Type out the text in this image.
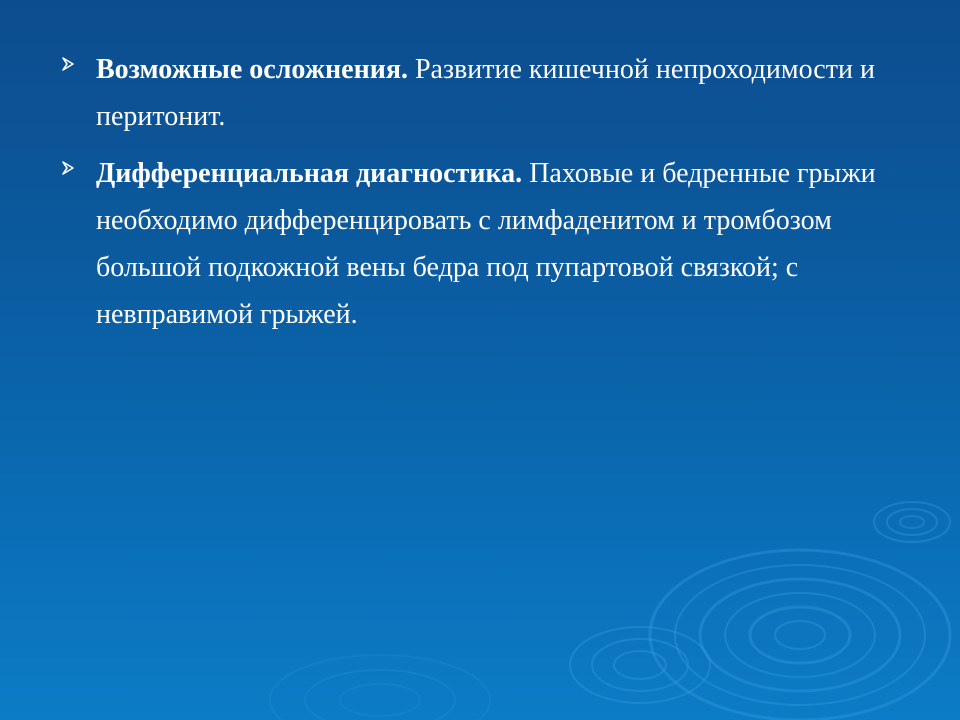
Возможные осложнения. Развитие кишечной непроходимости и перитонит.
Дифференциальная диагностика. Паховые и бедренные грыжи необходимо дифференцировать с лимфаденитом и тромбозом большой подкожной вены бедра под пупартовой связкой; с невправимой грыжей.
